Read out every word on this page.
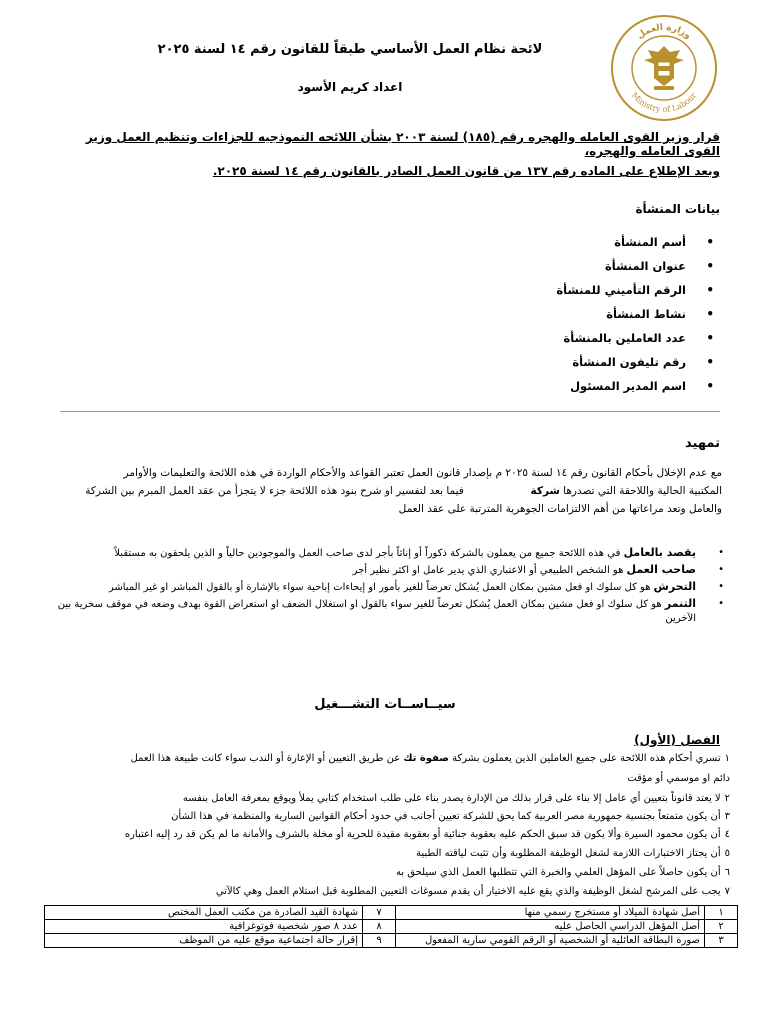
وزارة العمل
Ministry of Labour
لائحة نظام العمل الأساسي طبقاً للقانون رقم ١٤ لسنة ٢٠٢٥
اعداد كريم الأسود
قرار وزير القوى العامله والهجره رقم (١٨٥) لسنة ٢٠٠٣ بشأن اللائحه النموذجيه للجزاءات وتنظيم العمل وزير القوى العامله والهجره،
وبعد الإطلاع على الماده رقم ١٣٧ من قانون العمل الصادر بالقانون رقم ١٤ لسنة ٢٠٢٥.
بيانات المنشأة
• أسم المنشأة
• عنوان المنشأة
• الرقم التأميني للمنشأة
• نشاط المنشأة
• عدد العاملين بالمنشأة
• رقم تليفون المنشأة
• اسم المدير المسئول
تمهيد
مع عدم الإخلال بأحكام القانون رقم ١٤ لسنة ٢٠٢٥ م بإصدار قانون العمل تعتبر القواعد والأحكام الواردة في هذه اللائحة والتعليمات والأوامر
المكتبية الحالية واللاحقة التي تصدرها شركة  فيما بعد لتفسير او شرح بنود هذه اللائحة جزء لا يتجزأ من عقد العمل المبرم بين الشركة
والعامل وتعد مراعاتها من أهم الالتزامات الجوهرية المترتبة على عقد العمل
• يقصد بالعامل في هذه اللائحة جميع من يعملون بالشركة ذكوراً أو إناثاً بأجر لدى صاحب العمل والموجودين حالياً و الذين يلحقون به مستقبلاً
• صاحب العمل هو الشخص الطبيعي أو الاعتباري الذي يدير عامل او اكثر نظير أجر
• التحرش هو كل سلوك او فعل مشين بمكان العمل يُشكل تعرضاً للغير بأمور او إيحاءات إباحية سواء بالإشارة أو بالقول المباشر او غير المباشر
• التنمر هو كل سلوك او فعل مشين بمكان العمل يُشكل تعرضاً للغير سواء بالقول او استغلال الضعف او استعراض القوة بهدف وضعه في موقف سخرية بين الآخرين
سيــاســات التشـــغيل
الفصل (الأول)
١تسري أحكام هذه اللائحة على جميع العاملين الذين يعملون بشركة صفوة تك عن طريق التعيين أو الإعارة أو الندب سواء كانت طبيعة هذا العمل
دائم او موسمي أو مؤقت
٢لا يعتد قانوناً بتعيين أي عامل إلا بناء على قرار بذلك من الإدارة يصدر بناء على طلب استخدام كتابي يملأ ويوقع بمعرفة العامل بنفسه
٣أن يكون متمتعاً بجنسية جمهورية مصر العربية كما يحق للشركة تعيين أجانب في حدود أحكام القوانين السارية والمنظمة في هذا الشأن
٤أن يكون محمود السيرة وألا يكون قد سبق الحكم عليه بعقوبة جنائية أو بعقوبة مقيدة للحرية أو مخلة بالشرف والأمانة ما لم يكن قد رد إليه اعتباره
٥أن يجتاز الاختبارات اللازمة لشغل الوظيفة المطلوبة وأن تثبت لياقته الطبية
٦أن يكون حاصلاً على المؤهل العلمي والخبرة التي تتطلبها العمل الذي سيلحق به
٧يجب على المرشح لشغل الوظيفة والذي يقع عليه الاختيار أن يقدم مسوغات التعيين المطلوبة قبل استلام العمل وهي كالآتي
١	أصل شهادة الميلاد أو مستخرج رسمي منها	٧	شهادة القيد الصادرة من مكتب العمل المختص
٢	أصل المؤهل الدراسي الحاصل عليه	٨	عدد ٨ صور شخصية فوتوغرافية
٣	صورة البطاقة العائلية أو الشخصية أو الرقم القومي سارية المفعول	٩	إقرار حالة اجتماعية موقع عليه من الموظف
